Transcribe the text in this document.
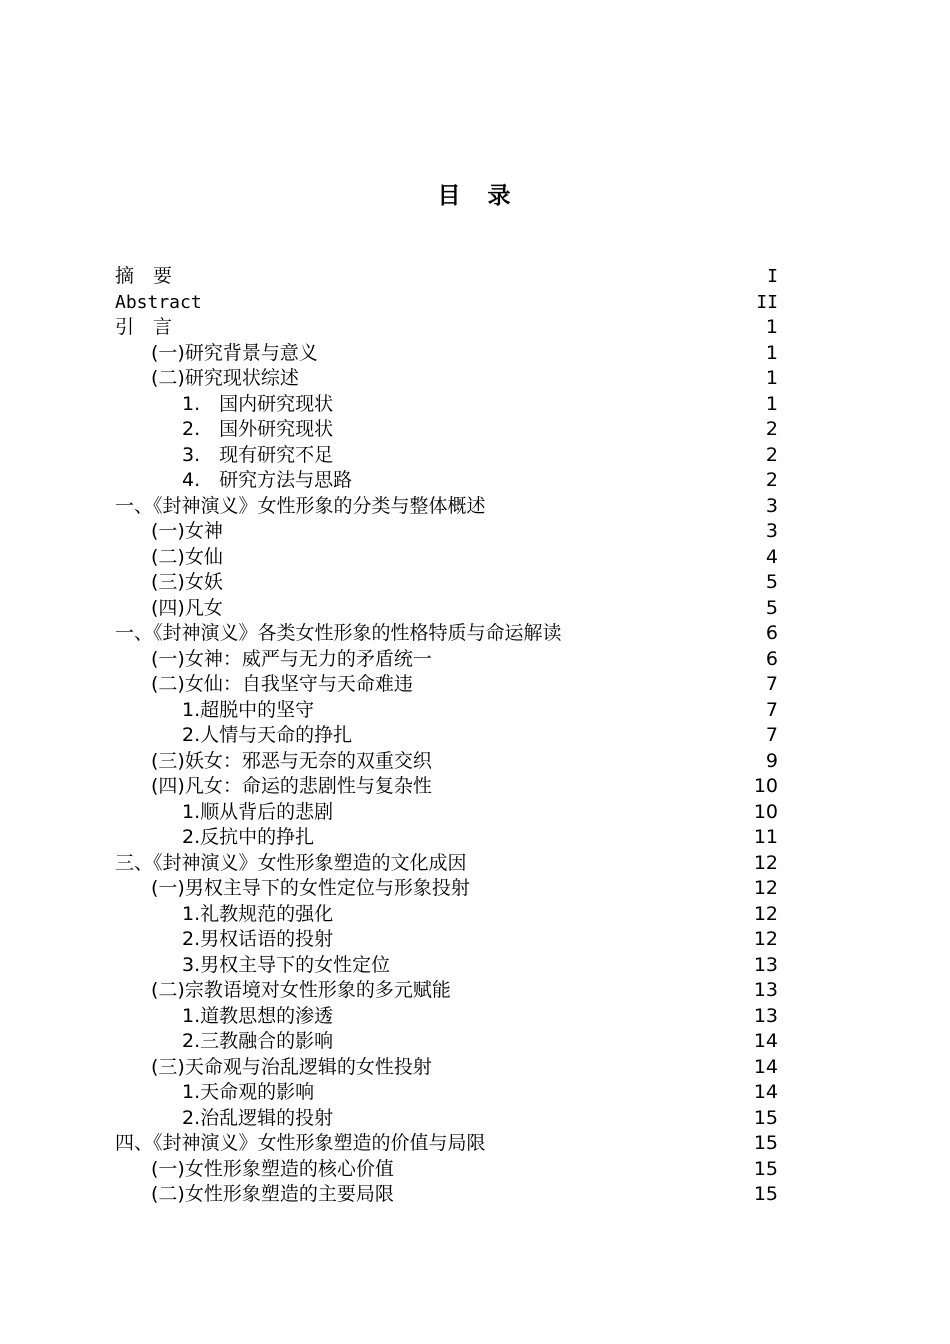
目　录
摘　要	I
Abstract	II
引　言	1
(一)研究背景与意义	1
(二)研究现状综述	1
1.　国内研究现状	1
2.　国外研究现状	2
3.　现有研究不足	2
4.　研究方法与思路	2
一、《封神演义》女性形象的分类与整体概述	3
(一)女神	3
(二)女仙	4
(三)女妖	5
(四)凡女	5
一、《封神演义》各类女性形象的性格特质与命运解读	6
(一)女神：威严与无力的矛盾统一	6
(二)女仙：自我坚守与天命难违	7
1.超脱中的坚守	7
2.人情与天命的挣扎	7
(三)妖女：邪恶与无奈的双重交织	9
(四)凡女：命运的悲剧性与复杂性	10
1.顺从背后的悲剧	10
2.反抗中的挣扎	11
三、《封神演义》女性形象塑造的文化成因	12
(一)男权主导下的女性定位与形象投射	12
1.礼教规范的强化	12
2.男权话语的投射	12
3.男权主导下的女性定位	13
(二)宗教语境对女性形象的多元赋能	13
1.道教思想的渗透	13
2.三教融合的影响	14
(三)天命观与治乱逻辑的女性投射	14
1.天命观的影响	14
2.治乱逻辑的投射	15
四、《封神演义》女性形象塑造的价值与局限	15
(一)女性形象塑造的核心价值	15
(二)女性形象塑造的主要局限	15
